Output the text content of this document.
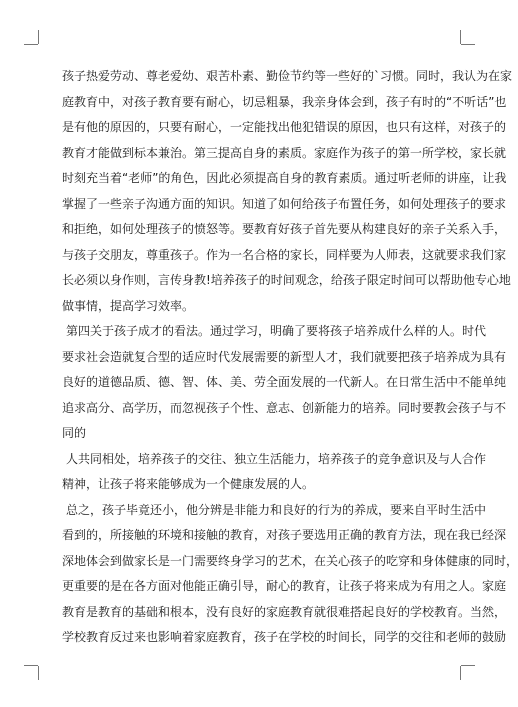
孩子热爱劳动、尊老爱幼、艰苦朴素、勤俭节约等一些好的`习惯。同时，我认为在家
庭教育中，对孩子教育要有耐心，切忌粗暴，我亲身体会到，孩子有时的“不听话”也
是有他的原因的，只要有耐心，一定能找出他犯错误的原因，也只有这样，对孩子的
教育才能做到标本兼治。第三提高自身的素质。家庭作为孩子的第一所学校，家长就
时刻充当着“老师”的角色，因此必须提高自身的教育素质。通过听老师的讲座，让我
掌握了一些亲子沟通方面的知识。知道了如何给孩子布置任务，如何处理孩子的要求
和拒绝，如何处理孩子的愤怒等。要教育好孩子首先要从构建良好的亲子关系入手，
与孩子交朋友，尊重孩子。作为一名合格的家长，同样要为人师表，这就要求我们家
长必须以身作则，言传身教!培养孩子的时间观念，给孩子限定时间可以帮助他专心地
做事情，提高学习效率。
第四关于孩子成才的看法。通过学习，明确了要将孩子培养成什么样的人。时代
要求社会造就复合型的适应时代发展需要的新型人才，我们就要把孩子培养成为具有
良好的道德品质、德、智、体、美、劳全面发展的一代新人。在日常生活中不能单纯
追求高分、高学历，而忽视孩子个性、意志、创新能力的培养。同时要教会孩子与不
同的
人共同相处，培养孩子的交往、独立生活能力，培养孩子的竞争意识及与人合作
精神，让孩子将来能够成为一个健康发展的人。
总之，孩子毕竟还小，他分辨是非能力和良好的行为的养成，要来自平时生活中
看到的，所接触的环境和接触的教育，对孩子要选用正确的教育方法，现在我已经深
深地体会到做家长是一门需要终身学习的艺术，在关心孩子的吃穿和身体健康的同时，
更重要的是在各方面对他能正确引导，耐心的教育，让孩子将来成为有用之人。家庭
教育是教育的基础和根本，没有良好的家庭教育就很难搭起良好的学校教育。当然，
学校教育反过来也影响着家庭教育，孩子在学校的时间长，同学的交往和老师的鼓励
